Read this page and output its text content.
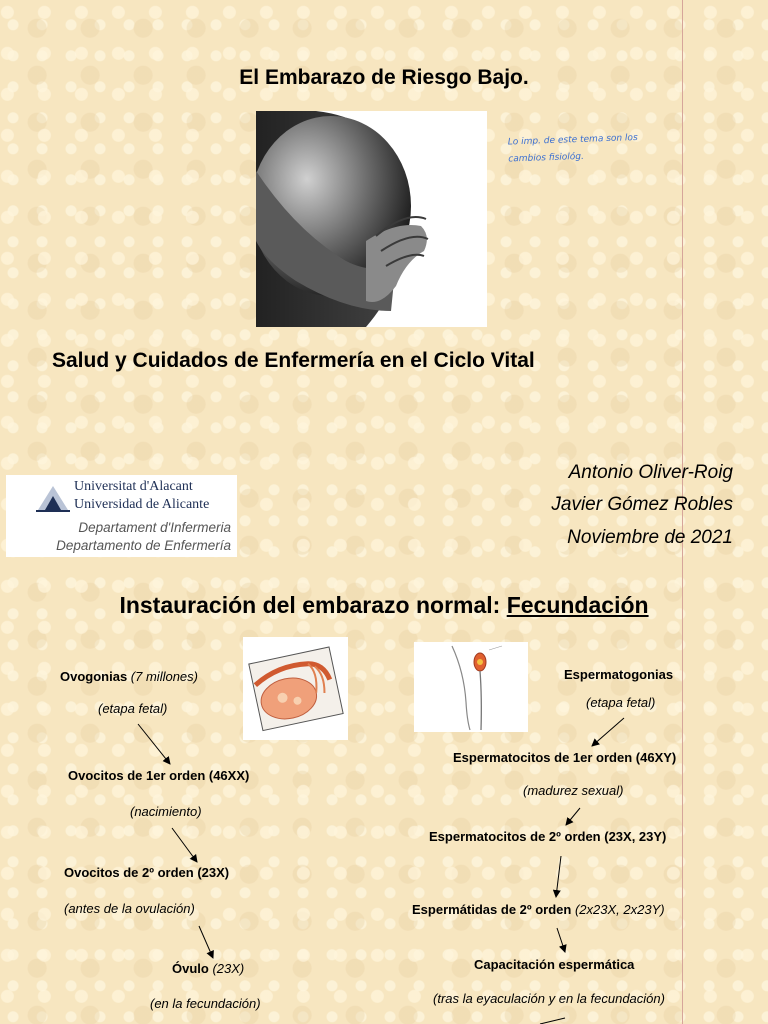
El Embarazo de Riesgo Bajo.
Lo imp. de este tema son los
cambios fisiológ.
Salud y Cuidados de Enfermería en el Ciclo Vital
Universitat d'Alacant
Universidad de Alicante
Departament d'Infermeria
Departamento de Enfermería
Antonio Oliver-Roig
Javier Gómez Robles
Noviembre de 2021
Instauración del embarazo normal: Fecundación
Ovogonias (7 millones)
(etapa fetal)
Ovocitos de 1er orden (46XX)
(nacimiento)
Ovocitos de 2º orden (23X)
(antes de la ovulación)
Óvulo (23X)
(en la fecundación)
Espermatogonias
(etapa fetal)
Espermatocitos de 1er orden (46XY)
(madurez sexual)
Espermatocitos de 2º orden (23X, 23Y)
Espermátidas de 2º orden (2x23X, 2x23Y)
Capacitación espermática
(tras la eyaculación y en la fecundación)
